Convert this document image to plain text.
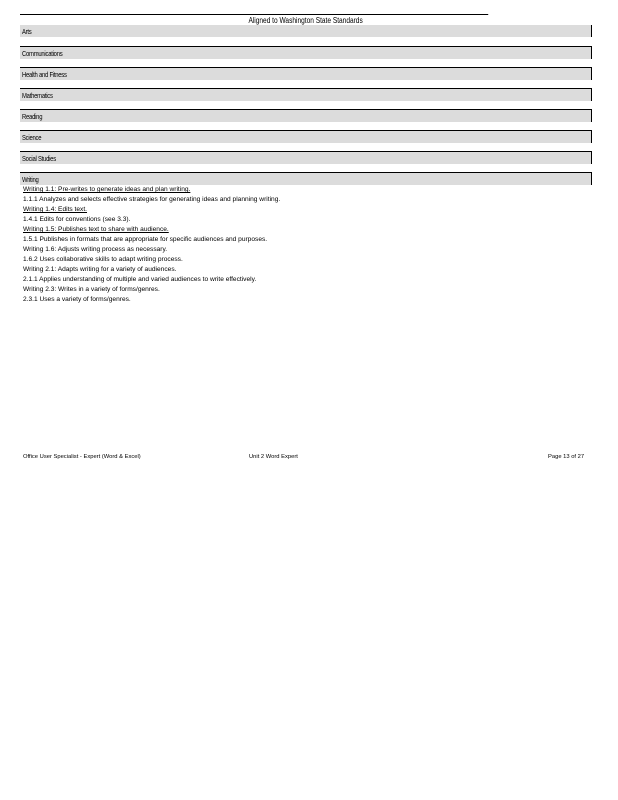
Aligned to Washington State Standards
Arts
Communications
Health and Fitness
Mathematics
Reading
Science
Social Studies
Writing
Writing 1.1: Pre-writes to generate ideas and plan writing.
1.1.1 Analyzes and selects effective strategies for generating ideas and planning writing.
Writing 1.4: Edits text.
1.4.1 Edits for conventions (see 3.3).
Writing 1.5: Publishes text to share with audience.
1.5.1 Publishes in formats that are appropriate for specific audiences and purposes.
Writing 1.6: Adjusts writing process as necessary.
1.6.2 Uses collaborative skills to adapt writing process.
Writing 2.1: Adapts writing for a variety of audiences.
2.1.1 Applies understanding of multiple and varied audiences to write effectively.
Writing 2.3: Writes in a variety of forms/genres.
2.3.1 Uses a variety of forms/genres.
Office User Specialist - Expert (Word & Excel)	Unit 2 Word Expert	Page 13 of 27
